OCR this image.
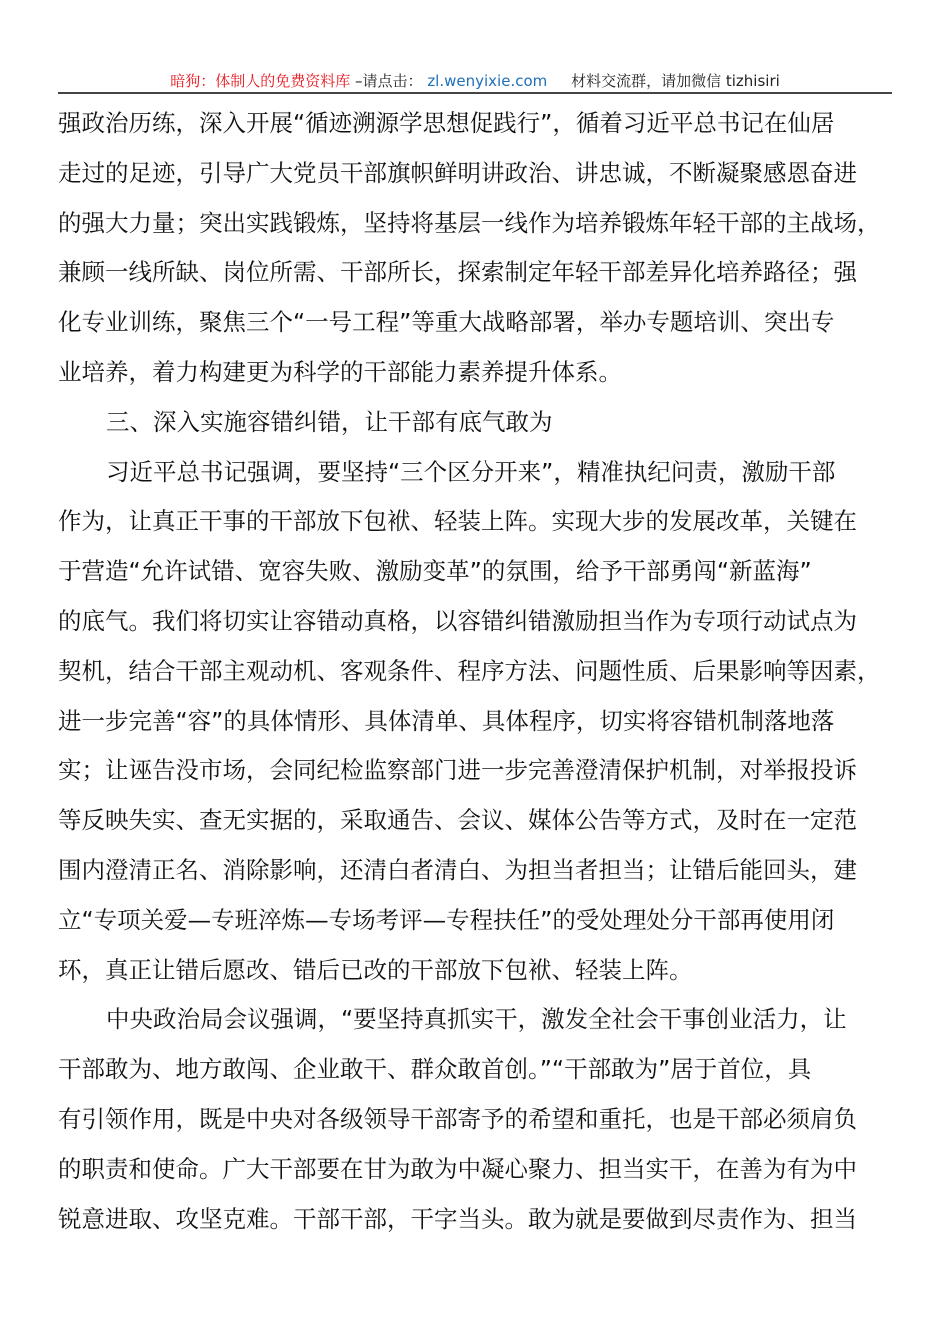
暗狗：体制人的免费资料库 –请点击： zl.wenyixie.com 材料交流群，请加微信 tizhisiri
强政治历练，深入开展“循迹溯源学思想促践行”，循着习近平总书记在仙居
走过的足迹，引导广大党员干部旗帜鲜明讲政治、讲忠诚，不断凝聚感恩奋进
的强大力量；突出实践锻炼，坚持将基层一线作为培养锻炼年轻干部的主战场，
兼顾一线所缺、岗位所需、干部所长，探索制定年轻干部差异化培养路径；强
化专业训练，聚焦三个“一号工程”等重大战略部署，举办专题培训、突出专
业培养，着力构建更为科学的干部能力素养提升体系。
三、深入实施容错纠错，让干部有底气敢为
习近平总书记强调，要坚持“三个区分开来”，精准执纪问责，激励干部
作为，让真正干事的干部放下包袱、轻装上阵。实现大步的发展改革，关键在
于营造“允许试错、宽容失败、激励变革”的氛围，给予干部勇闯“新蓝海”
的底气。我们将切实让容错动真格，以容错纠错激励担当作为专项行动试点为
契机，结合干部主观动机、客观条件、程序方法、问题性质、后果影响等因素，
进一步完善“容”的具体情形、具体清单、具体程序，切实将容错机制落地落
实；让诬告没市场，会同纪检监察部门进一步完善澄清保护机制，对举报投诉
等反映失实、查无实据的，采取通告、会议、媒体公告等方式，及时在一定范
围内澄清正名、消除影响，还清白者清白、为担当者担当；让错后能回头，建
立“专项关爱—专班淬炼—专场考评—专程扶任”的受处理处分干部再使用闭
环，真正让错后愿改、错后已改的干部放下包袱、轻装上阵。
中央政治局会议强调，“要坚持真抓实干，激发全社会干事创业活力，让
干部敢为、地方敢闯、企业敢干、群众敢首创。”“干部敢为”居于首位，具
有引领作用，既是中央对各级领导干部寄予的希望和重托，也是干部必须肩负
的职责和使命。广大干部要在甘为敢为中凝心聚力、担当实干，在善为有为中
锐意进取、攻坚克难。干部干部，干字当头。敢为就是要做到尽责作为、担当
